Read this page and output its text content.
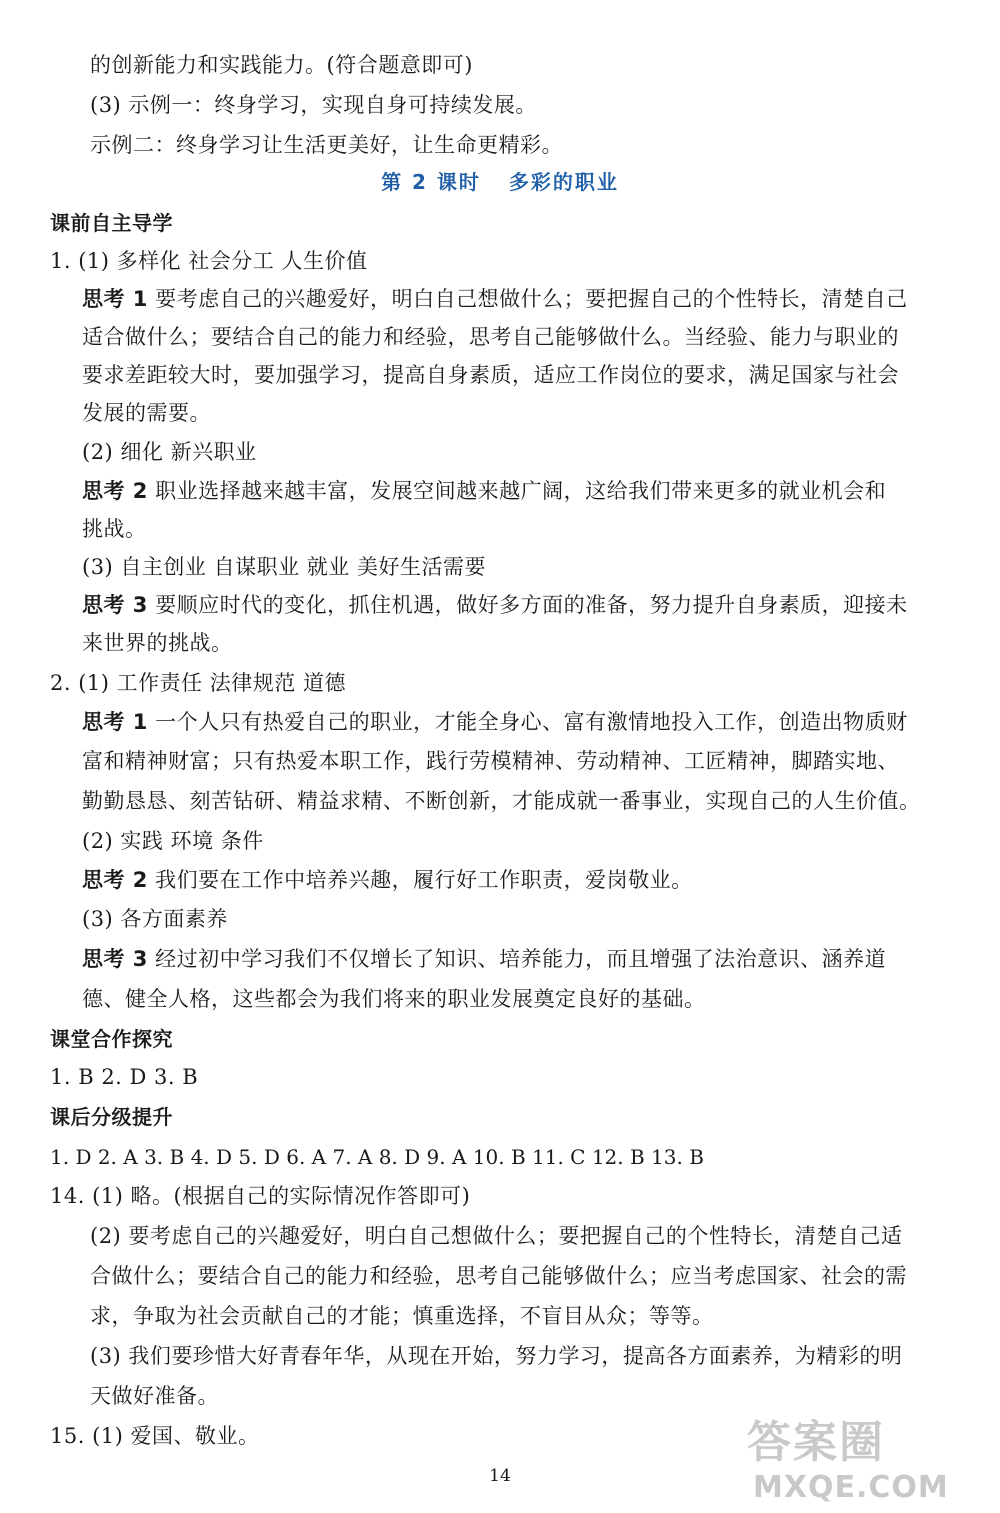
的创新能力和实践能力。(符合题意即可)
(3) 示例一：终身学习，实现自身可持续发展。
示例二：终身学习让生活更美好，让生命更精彩。
第 2 课时 多彩的职业
课前自主导学
1. (1) 多样化 社会分工 人生价值
思考 1 要考虑自己的兴趣爱好，明白自己想做什么；要把握自己的个性特长，清楚自己
适合做什么；要结合自己的能力和经验，思考自己能够做什么。当经验、能力与职业的
要求差距较大时，要加强学习，提高自身素质，适应工作岗位的要求，满足国家与社会
发展的需要。
(2) 细化 新兴职业
思考 2 职业选择越来越丰富，发展空间越来越广阔，这给我们带来更多的就业机会和
挑战。
(3) 自主创业 自谋职业 就业 美好生活需要
思考 3 要顺应时代的变化，抓住机遇，做好多方面的准备，努力提升自身素质，迎接未
来世界的挑战。
2. (1) 工作责任 法律规范 道德
思考 1 一个人只有热爱自己的职业，才能全身心、富有激情地投入工作，创造出物质财
富和精神财富；只有热爱本职工作，践行劳模精神、劳动精神、工匠精神，脚踏实地、
勤勤恳恳、刻苦钻研、精益求精、不断创新，才能成就一番事业，实现自己的人生价值。
(2) 实践 环境 条件
思考 2 我们要在工作中培养兴趣，履行好工作职责，爱岗敬业。
(3) 各方面素养
思考 3 经过初中学习我们不仅增长了知识、培养能力，而且增强了法治意识、涵养道
德、健全人格，这些都会为我们将来的职业发展奠定良好的基础。
课堂合作探究
1. B 2. D 3. B
课后分级提升
1. D 2. A 3. B 4. D 5. D 6. A 7. A 8. D 9. A 10. B 11. C 12. B 13. B
14. (1) 略。(根据自己的实际情况作答即可)
(2) 要考虑自己的兴趣爱好，明白自己想做什么；要把握自己的个性特长，清楚自己适
合做什么；要结合自己的能力和经验，思考自己能够做什么；应当考虑国家、社会的需
求，争取为社会贡献自己的才能；慎重选择，不盲目从众；等等。
(3) 我们要珍惜大好青春年华，从现在开始，努力学习，提高各方面素养，为精彩的明
天做好准备。
15. (1) 爱国、敬业。
14
答案圈
MXQE.COM
